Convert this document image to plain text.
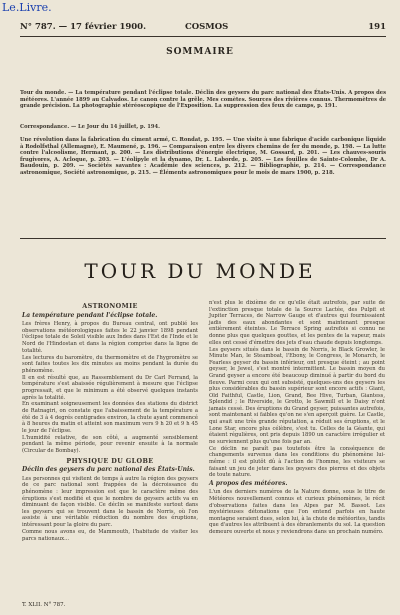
Le.Livre.
N° 787. — 17 février 1900.	COSMOS	191
SOMMAIRE
Tour du monde. — La température pendant l'éclipse totale. Déclin des geysers du parc national des États-Unis. A propos des météores. L'année 1899 au Calvados. Le canon contre la grêle. Mes comètes. Sources des rivières connus. Thermomètres de grande précision. La photographie stéréoscopique de l'Exposition. La suppression des feux de camps, p. 191.
Correspondance. — Le Jour du 14 juillet, p. 194.
Une révolution dans la fabrication du ciment armé, C. Rondat, p. 195. — Une visite à une fabrique d'acide carbonique liquide à Rodolfsthal (Allemagne), E. Maumené, p. 196. — Comparaison entre les divers chemins de fer du monde, p. 198. — La lutte contre l'alcoolisme, Hermant, p. 200. — Les distributions d'énergie électrique, M. Gossard, p. 201. — Les chauves-souris frugivores, A. Acloque, p. 203. — L'éolipyle et la dynamo, Dr. L. Laborde, p. 205. — Les fouilles de Sainte-Colombe, Dr A. Baudouin, p. 209. — Sociétés savantes : Académie des sciences, p. 212. — Bibliographie, p. 214. — Correspondance astronomique, Société astronomique, p. 215. — Éléments astronomiques pour le mois de mars 1900, p. 218.
TOUR DU MONDE
ASTRONOMIE
La température pendant l'éclipse totale.
Les frères Henry, à propos du Bureau central, ont publié les observations météorologiques faites le 22 janvier 1898 pendant l'éclipse totale de Soleil visible aux Indes dans l'Est de l'Inde et le Nord de l'Hindostan et dans la région comprise dans la ligne de totalité.
Les lectures du baromètre, du thermomètre et de l'hygromètre se sont faites toutes les dix minutes au moins pendant la durée du phénomène.
Il en est résulté que, au Rassemblement du Dr Carl Ferrand, la température s'est abaissée régulièrement à mesure que l'éclipse progressait, et que le minimum a été observé quelques instants après la totalité.
En examinant soigneusement les données des stations du district de Ratnagiri, on constate que l'abaissement de la température a été de 3 à 4 degrés centigrades environ, la chute ayant commencé à 8 heures du matin et atteint son maximum vers 9 h 20 et 9 h 45 le jour de l'éclipse.
L'humidité relative, de son côté, a augmenté sensiblement pendant la même période, pour revenir ensuite à la normale (Circular de Bombay).
PHYSIQUE DU GLOBE
Déclin des geysers du parc national des États-Unis.
Les personnes qui visitent de temps à autre la région des geysers de ce parc national sont frappées de la décroissance du phénomène : leur impression est que le caractère même des éruptions s'est modifié et que le nombre de geysers actifs va en diminuant de façon visible. Ce déclin se manifeste surtout dans les geysers qui se trouvent dans le bassin de Norris, où l'on assiste à une véritable réduction du nombre des éruptions, intéressant pour la gloire du parc.
Comme nous avons eu, de Mammouth, l'habitude de visiter les parcs nationaux...
n'est plus le dixième de ce qu'elle était autrefois, par suite de l'extinction presque totale de la Source Lactée, des Pulpit et Jupiter Terraces, de Narrow Gauge et d'autres qui fournissaient jadis des eaux abondantes et sont maintenant presque entièrement éteintes. Le Terrace Spring autrefois si connu ne donne plus que quelques gouttes, et les pentes de la vapeur, mais elles ont cessé d'émettre des jets d'eau chaude depuis longtemps.
Les geysers situés dans le bassin de Norris, le Black Growler, le Minute Man, le Steamboat, l'Ebony, le Congress, le Monarch, le Fearless geyser du bassin inférieur, ont presque éteint ; au point geyser, le Jewel, s'est montré intermittent. Le bassin moyen du Grand geyser a encore été beaucoup diminué à partir du bord du fleuve. Parmi ceux qui ont subsisté, quelques-uns des geysers les plus considérables du bassin supérieur sont encore actifs : Giant, Old Faithful, Castle, Lion, Grand, Bee Hive, Turban, Giantess, Splendid ; le Riverside, le Grotto, le Sawmill et le Daisy n'ont jamais cessé. Des éruptions du Grand geyser, puissantes autrefois, sont maintenant si faibles qu'on ne s'en aperçoit guère. Le Castle, qui avait une très grande réputation, a réduit ses éruptions, et le Lone Star, encore plus célèbre, s'est tu. Celles de la Géante, qui étaient régulières, ont pris depuis 1890 un caractère irrégulier et ne surviennent plus qu'une fois par an.
Ce déclin ne paraît pas toutefois être la conséquence de changements survenus dans les conditions du phénomène lui-même : il est plutôt dû à l'action de l'homme, les visiteurs se faisant un jeu de jeter dans les geysers des pierres et des objets de toute nature.
A propos des météores.
L'un des derniers numéros de la Nature donne, sous le titre de Météores nouvellement connus et curieux phénomènes, le récit d'observations faites dans les Alpes par M. Bassot. Les mystérieuses détonations que l'on entend parfois en haute montagne seraient dues, selon lui, à la chute de météorites, tandis que d'autres les attribuent à des ébranlements du sol. La question demeure ouverte et nous y reviendrons dans un prochain numéro.
T. XLII. N° 787.
